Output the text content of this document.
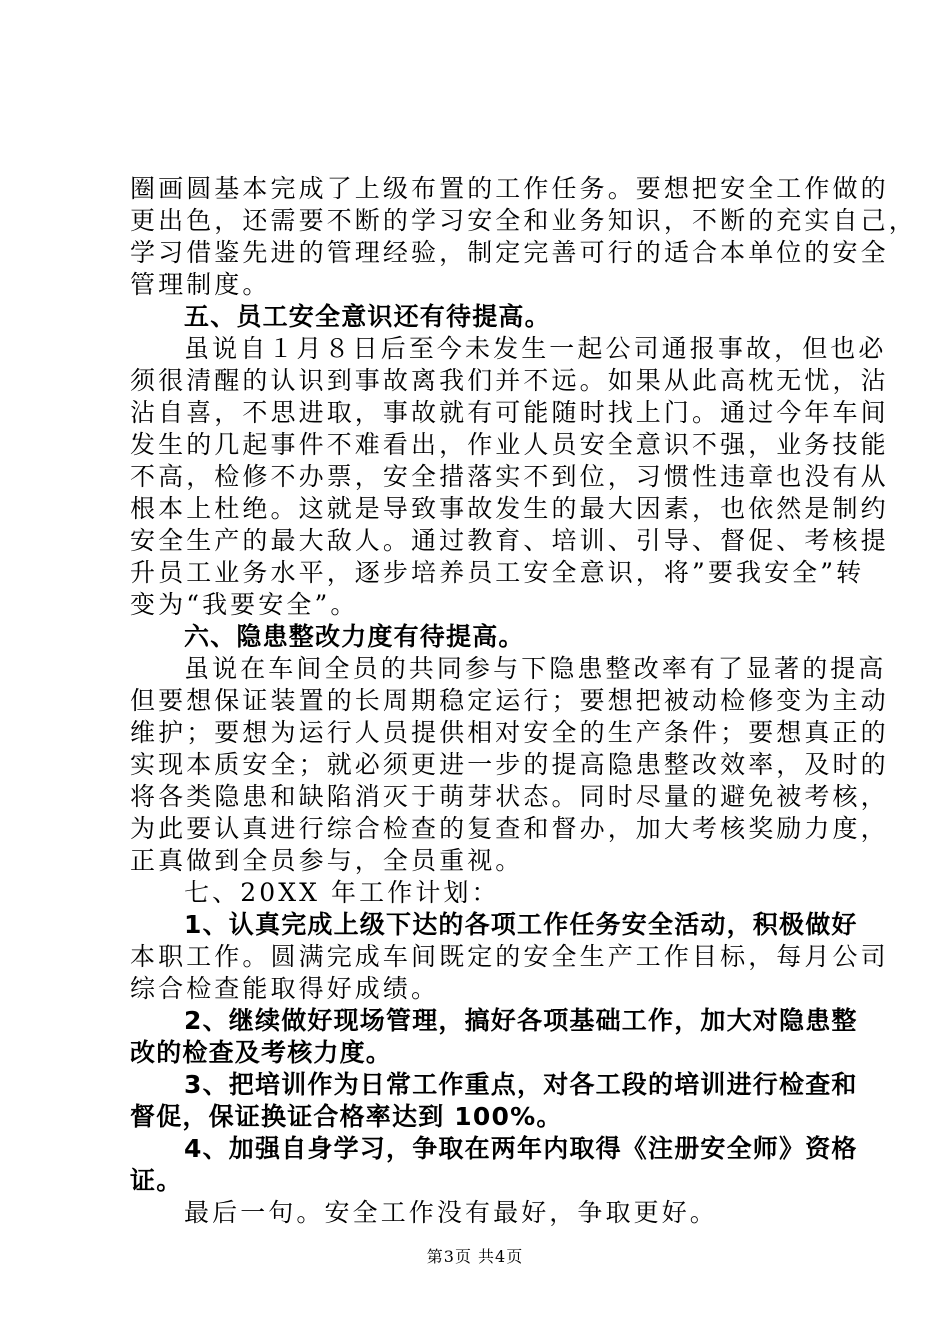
圈画圆基本完成了上级布置的工作任务。要想把安全工作做的
更出色，还需要不断的学习安全和业务知识，不断的充实自己，
学习借鉴先进的管理经验，制定完善可行的适合本单位的安全
管理制度。
五、员工安全意识还有待提高。
虽说自１月８日后至今未发生一起公司通报事故，但也必
须很清醒的认识到事故离我们并不远。如果从此高枕无忧，沾
沾自喜，不思进取，事故就有可能随时找上门。通过今年车间
发生的几起事件不难看出，作业人员安全意识不强，业务技能
不高，检修不办票，安全措落实不到位，习惯性违章也没有从
根本上杜绝。这就是导致事故发生的最大因素，也依然是制约
安全生产的最大敌人。通过教育、培训、引导、督促、考核提
升员工业务水平，逐步培养员工安全意识，将”要我安全”转
变为“我要安全”。
六、隐患整改力度有待提高。
虽说在车间全员的共同参与下隐患整改率有了显著的提高
但要想保证装置的长周期稳定运行；要想把被动检修变为主动
维护；要想为运行人员提供相对安全的生产条件；要想真正的
实现本质安全；就必须更进一步的提高隐患整改效率，及时的
将各类隐患和缺陷消灭于萌芽状态。同时尽量的避免被考核，
为此要认真进行综合检查的复查和督办，加大考核奖励力度，
正真做到全员参与，全员重视。
七、20XX 年工作计划：
1、认真完成上级下达的各项工作任务安全活动，积极做好
本职工作。圆满完成车间既定的安全生产工作目标，每月公司
综合检查能取得好成绩。
2、继续做好现场管理，搞好各项基础工作，加大对隐患整
改的检查及考核力度。
3、把培训作为日常工作重点，对各工段的培训进行检查和
督促，保证换证合格率达到 100%。
4、加强自身学习，争取在两年内取得《注册安全师》资格
证。
最后一句。安全工作没有最好，争取更好。
第3页 共4页
